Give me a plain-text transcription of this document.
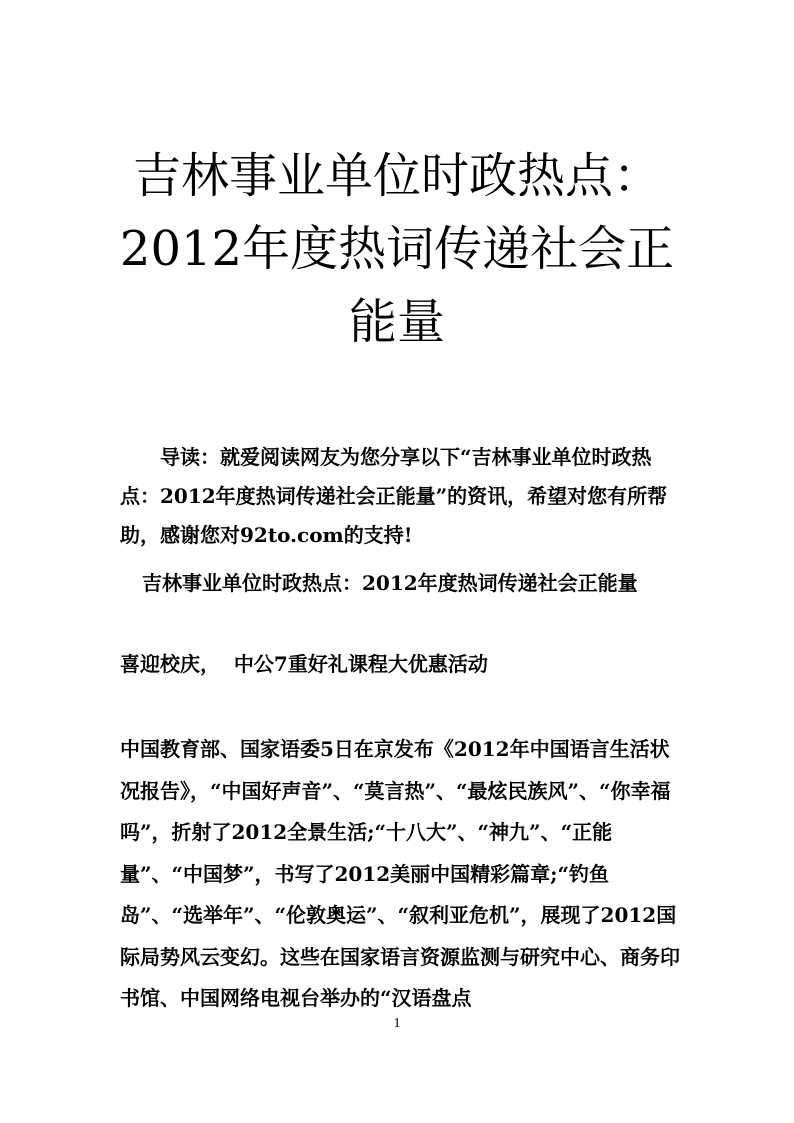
吉林事业单位时政热点：
2012年度热词传递社会正
能量

导读：就爱阅读网友为您分享以下“吉林事业单位时政热点：2012年度热词传递社会正能量”的资讯，希望对您有所帮助，感谢您对92to.com的支持!

吉林事业单位时政热点：2012年度热词传递社会正能量

喜迎校庆，  中公7重好礼课程大优惠活动

中国教育部、国家语委5日在京发布《2012年中国语言生活状况报告》，“中国好声音”、“莫言热”、“最炫民族风”、“你幸福吗”，折射了2012全景生活;“十八大”、“神九”、“正能量”、“中国梦”，书写了2012美丽中国精彩篇章;“钓鱼岛”、“选举年”、“伦敦奥运”、“叙利亚危机”，展现了2012国际局势风云变幻。这些在国家语言资源监测与研究中心、商务印书馆、中国网络电视台举办的“汉语盘点

1
